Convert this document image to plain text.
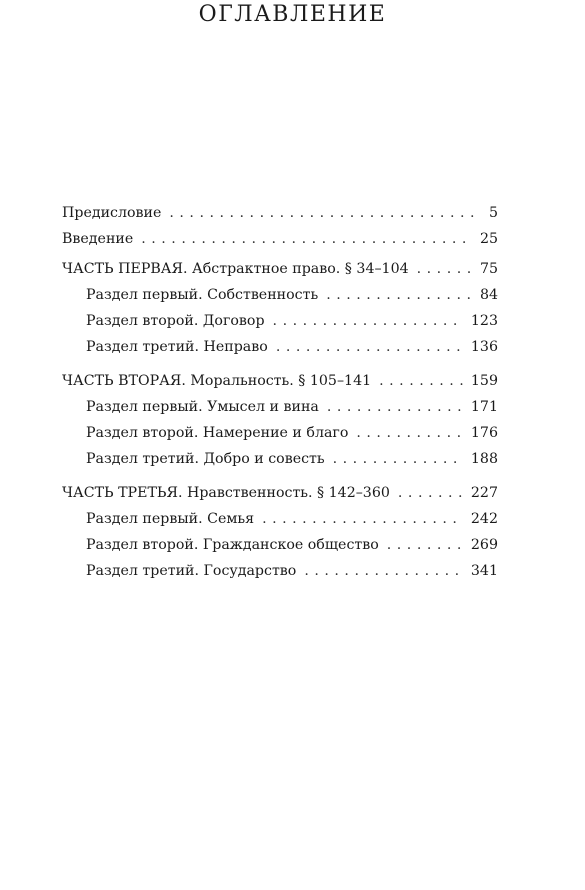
ОГЛАВЛЕНИЕ
Предисловие . . .	5
Введение . . .	25
ЧАСТЬ ПЕРВАЯ. Абстрактное право. § 34–104 . . .	75
Раздел первый. Собственность . . .	84
Раздел второй. Договор . . .	123
Раздел третий. Неправо . . .	136
ЧАСТЬ ВТОРАЯ. Моральность. § 105–141 . . .	159
Раздел первый. Умысел и вина . . .	171
Раздел второй. Намерение и благо . . .	176
Раздел третий. Добро и совесть . . .	188
ЧАСТЬ ТРЕТЬЯ. Нравственность. § 142–360 . . .	227
Раздел первый. Семья . . .	242
Раздел второй. Гражданское общество . . .	269
Раздел третий. Государство . . .	341
